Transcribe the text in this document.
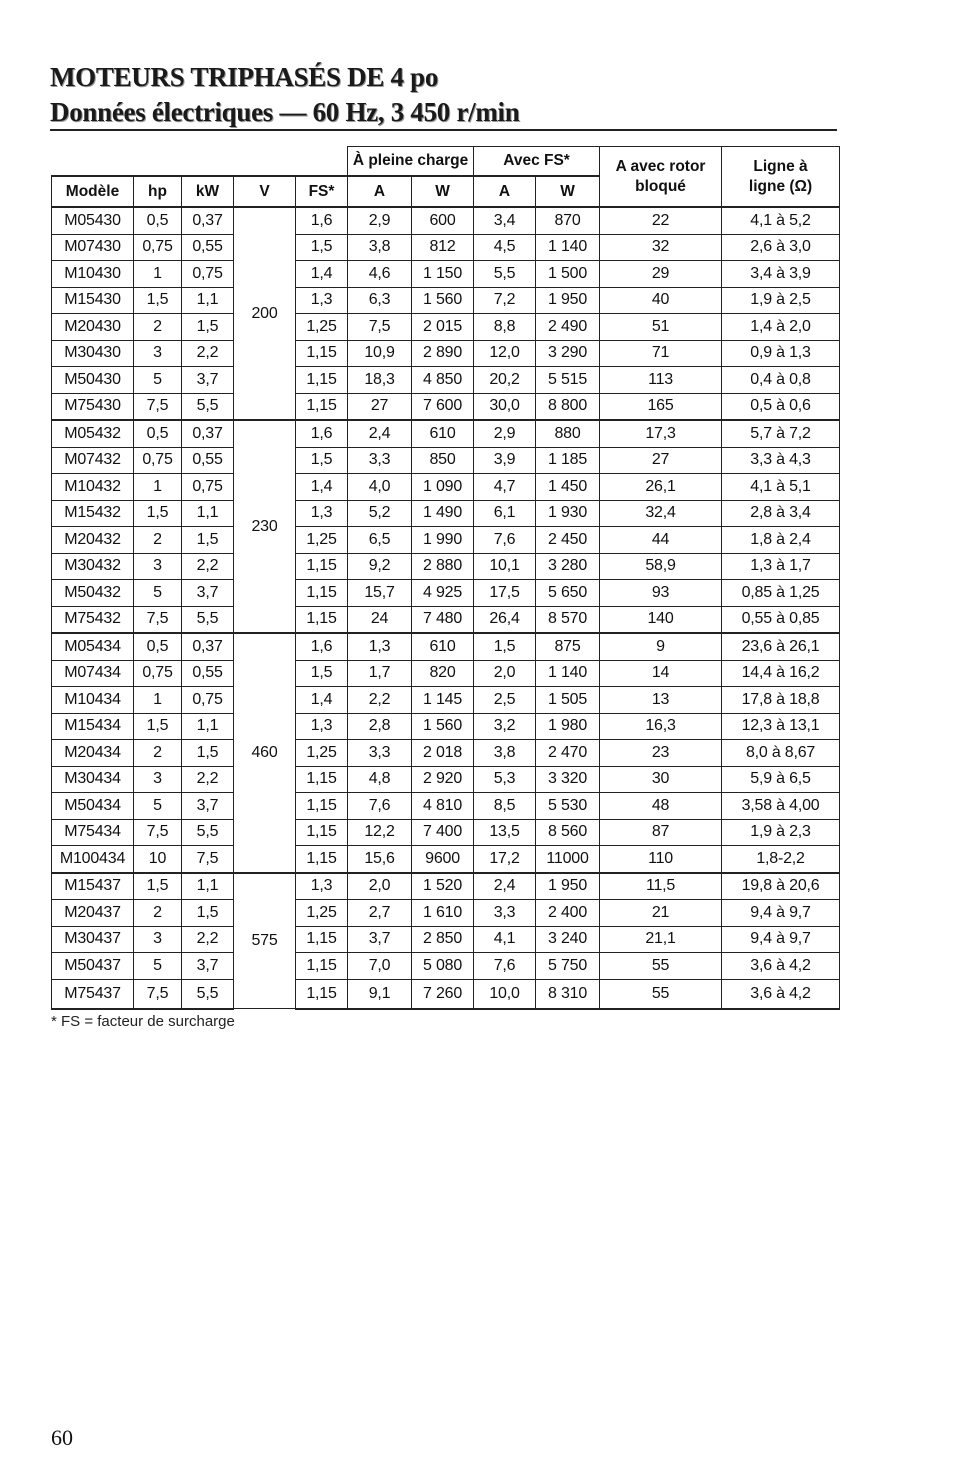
MOTEURS TRIPHASÉS DE 4 po
Données électriques — 60 Hz, 3 450 r/min
					À pleine charge		Avec FS*		A avec rotor bloqué	Ligne à ligne (Ω)
Modèle	hp	kW	V	FS*	A	W	A	W		
M05430	0,5	0,37	200	1,6	2,9	600	3,4	870	22	4,1 à 5,2
M07430	0,75	0,55		1,5	3,8	812	4,5	1 140	32	2,6 à 3,0
M10430	1	0,75		1,4	4,6	1 150	5,5	1 500	29	3,4 à 3,9
M15430	1,5	1,1		1,3	6,3	1 560	7,2	1 950	40	1,9 à 2,5
M20430	2	1,5		1,25	7,5	2 015	8,8	2 490	51	1,4 à 2,0
M30430	3	2,2		1,15	10,9	2 890	12,0	3 290	71	0,9 à 1,3
M50430	5	3,7		1,15	18,3	4 850	20,2	5 515	113	0,4 à 0,8
M75430	7,5	5,5		1,15	27	7 600	30,0	8 800	165	0,5 à 0,6
M05432	0,5	0,37	230	1,6	2,4	610	2,9	880	17,3	5,7 à 7,2
M07432	0,75	0,55		1,5	3,3	850	3,9	1 185	27	3,3 à 4,3
M10432	1	0,75		1,4	4,0	1 090	4,7	1 450	26,1	4,1 à 5,1
M15432	1,5	1,1		1,3	5,2	1 490	6,1	1 930	32,4	2,8 à 3,4
M20432	2	1,5		1,25	6,5	1 990	7,6	2 450	44	1,8 à 2,4
M30432	3	2,2		1,15	9,2	2 880	10,1	3 280	58,9	1,3 à 1,7
M50432	5	3,7		1,15	15,7	4 925	17,5	5 650	93	0,85 à 1,25
M75432	7,5	5,5		1,15	24	7 480	26,4	8 570	140	0,55 à 0,85
M05434	0,5	0,37	460	1,6	1,3	610	1,5	875	9	23,6 à 26,1
M07434	0,75	0,55		1,5	1,7	820	2,0	1 140	14	14,4 à 16,2
M10434	1	0,75		1,4	2,2	1 145	2,5	1 505	13	17,8 à 18,8
M15434	1,5	1,1		1,3	2,8	1 560	3,2	1 980	16,3	12,3 à 13,1
M20434	2	1,5		1,25	3,3	2 018	3,8	2 470	23	8,0 à 8,67
M30434	3	2,2		1,15	4,8	2 920	5,3	3 320	30	5,9 à 6,5
M50434	5	3,7		1,15	7,6	4 810	8,5	5 530	48	3,58 à 4,00
M75434	7,5	5,5		1,15	12,2	7 400	13,5	8 560	87	1,9 à 2,3
M100434	10	7,5		1,15	15,6	9600	17,2	11000	110	1,8-2,2
M15437	1,5	1,1	575	1,3	2,0	1 520	2,4	1 950	11,5	19,8 à 20,6
M20437	2	1,5		1,25	2,7	1 610	3,3	2 400	21	9,4 à 9,7
M30437	3	2,2		1,15	3,7	2 850	4,1	3 240	21,1	9,4 à 9,7
M50437	5	3,7		1,15	7,0	5 080	7,6	5 750	55	3,6 à 4,2
M75437	7,5	5,5		1,15	9,1	7 260	10,0	8 310	55	3,6 à 4,2
* FS = facteur de surcharge
60
